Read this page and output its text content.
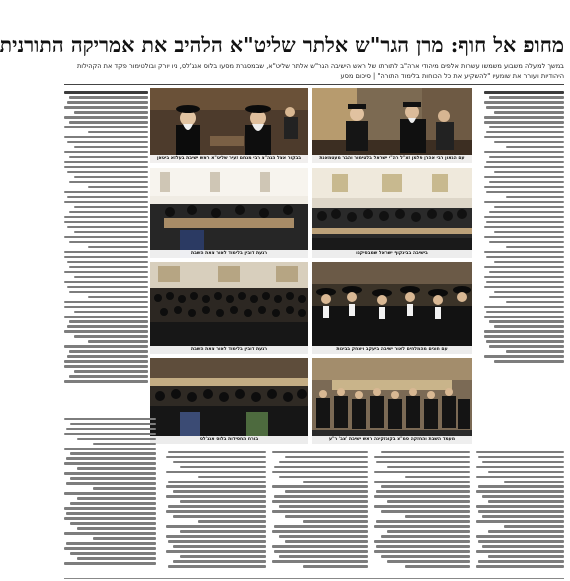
מחופ אל חוף: מרן הגר"ש אלתר שליט"א הלהיב את אמריקה התורנית
במשך למעלה משבוע משמשו עשרות אלפים מיהודי ארה"ב לתורתו של ראש הישיבה הגר"ש אלתר שליט"א, שבמסגרת מסעו בלוס אנג'לס, ניו יורק ובולטימור פקד את הקהילות היהודיות ועורר את שומעיו "להשקיע את כל הכוחות בלימוד התורה" | סיכום מסע
עם הגאון רבי אהרן פלמן זצ"ל רה"י ישראל בלטימור והבר מעטמאנת
בבקור אצל הגה"צ רבי מנחם זעיר שליט"א ראש ישיבת בעלזא ביטאן
בישיבה בבינקוף ישראל שמבסיקנו
רגעת דובין בלימוד לאור צאת השבת
עם חוגים מהמלחים לאור ישיבה ביעקב ויצחק בבינות
רגעת דובין בלימוד לאור צאת השבת
מעמד השבת והחזקה סמ"צ בקונזקינה ראש ישיבת 'צב' ר"ע
בורח החסידות בלוס אנג'לס
